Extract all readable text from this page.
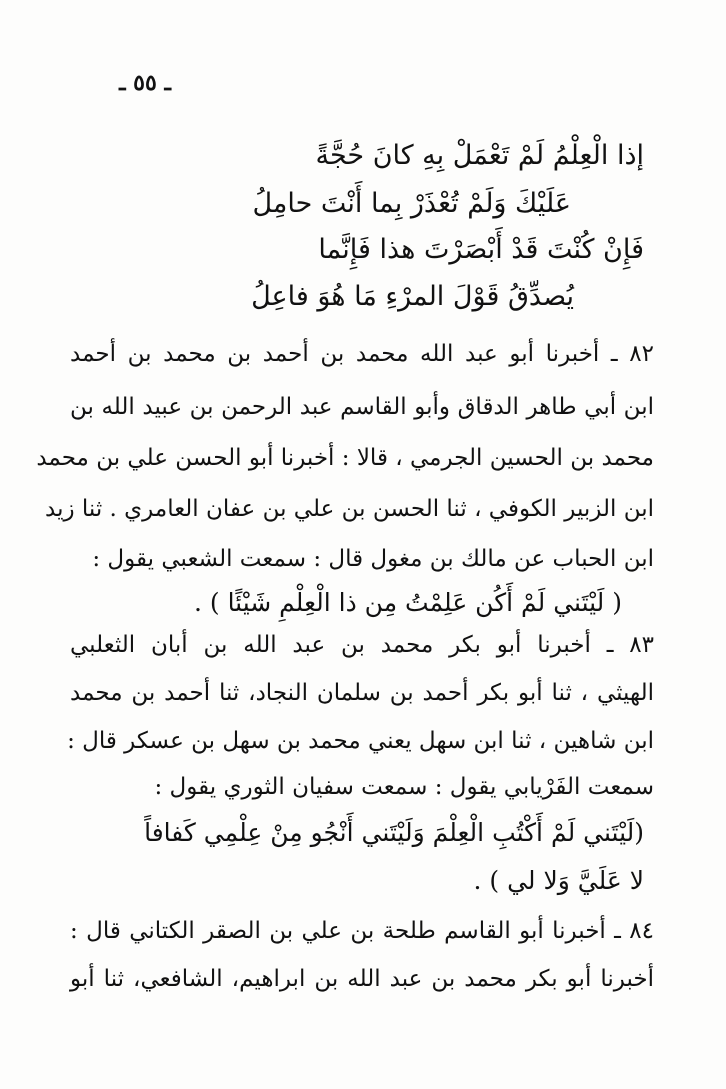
ـ ٥٥ ـ
إذا الْعِلْمُ لَمْ تَعْمَلْ بِهِ كانَ حُجَّةً
عَلَيْكَ وَلَمْ تُعْذَرْ بِما أَنْتَ حامِلُ
فَإِنْ كُنْتَ قَدْ أَبْصَرْتَ هذا فَإِنَّما
يُصدِّقُ قَوْلَ المرْءِ مَا هُوَ فاعِلُ
٨٢ ـ أخبرنا أبو عبد الله محمد بن أحمد بن محمد بن أحمد
ابن أبي طاهر الدقاق وأبو القاسم عبد الرحمن بن عبيد الله بن
محمد بن الحسين الجرمي ، قالا : أخبرنا أبو الحسن علي بن محمد
ابن الزبير الكوفي ، ثنا الحسن بن علي بن عفان العامري . ثنا زيد
ابن الحباب عن مالك بن مغول قال : سمعت الشعبي يقول :
( لَيْتَني لَمْ أَكُن عَلِمْتُ مِن ذا الْعِلْمِ شَيْئًا ) .
٨٣ ـ أخبرنا أبو بكر محمد بن عبد الله بن أبان الثعلبي
الهيثي ، ثنا أبو بكر أحمد بن سلمان النجاد، ثنا أحمد بن محمد
ابن شاهين ، ثنا ابن سهل يعني محمد بن سهل بن عسكر قال :
سمعت الفَرْيابي يقول : سمعت سفيان الثوري يقول :
(لَيْتَني لَمْ أَكْتُبِ الْعِلْمَ وَلَيْتَني أَنْجُو مِنْ عِلْمِي كَفافاً
لا عَلَيَّ وَلا لي ) .
٨٤ ـ أخبرنا أبو القاسم طلحة بن علي بن الصقر الكتاني قال :
أخبرنا أبو بكر محمد بن عبد الله بن ابراهيم، الشافعي، ثنا أبو
